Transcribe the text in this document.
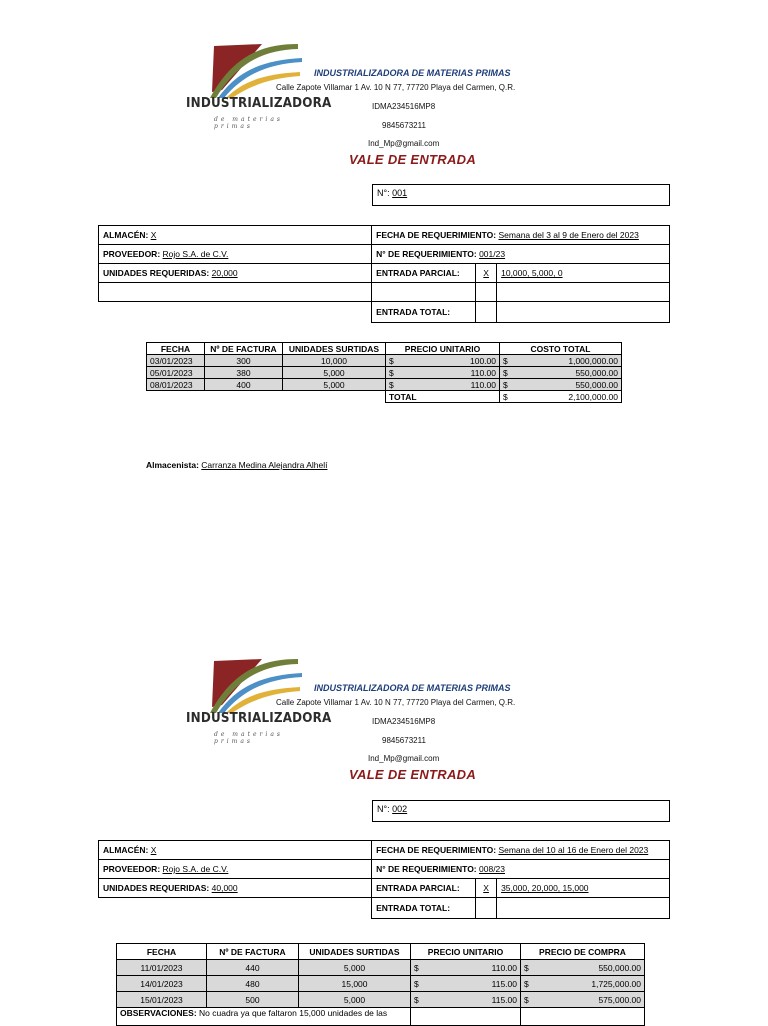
INDUSTRIALIZADORA
de materias primas
INDUSTRIALIZADORA DE MATERIAS PRIMAS
Calle Zapote Villamar 1 Av. 10 N 77, 77720 Playa del Carmen, Q.R.
IDMA234516MP8
9845673211
Ind_Mp@gmail.com
VALE DE ENTRADA
N°: 001
ALMACÉN: X	FECHA DE REQUERIMIENTO: Semana del 3 al 9 de Enero del 2023		
PROVEEDOR: Rojo S.A. de C.V.	N° DE REQUERIMIENTO: 001/23		
UNIDADES REQUERIDAS: 20,000	ENTRADA PARCIAL:	X	10,000, 5,000, 0

	ENTRADA TOTAL:		
FECHA	Nº DE FACTURA	UNIDADES SURTIDAS	PRECIO UNITARIO	COSTO TOTAL
03/01/2023	300	10,000	$ 100.00	$ 1,000,000.00

05/01/2023	380	5,000	$ 110.00	$ 550,000.00

08/01/2023	400	5,000	$ 110.00	$ 550,000.00

			TOTAL	$ 2,100,000.00
Almacenista: Carranza Medina Alejandra Alhelí
INDUSTRIALIZADORA
de materias primas
INDUSTRIALIZADORA DE MATERIAS PRIMAS
Calle Zapote Villamar 1 Av. 10 N 77, 77720 Playa del Carmen, Q.R.
IDMA234516MP8
9845673211
Ind_Mp@gmail.com
VALE DE ENTRADA
N°: 002
ALMACÉN: X	FECHA DE REQUERIMIENTO: Semana del 10 al 16 de Enero del 2023		
PROVEEDOR: Rojo S.A. de C.V.	N° DE REQUERIMIENTO: 008/23		
UNIDADES REQUERIDAS: 40,000	ENTRADA PARCIAL:	X	35,000, 20,000, 15,000
	ENTRADA TOTAL:		
FECHA	Nº DE FACTURA	UNIDADES SURTIDAS	PRECIO UNITARIO	PRECIO DE COMPRA
11/01/2023	440	5,000	$ 110.00	$ 550,000.00

14/01/2023	480	15,000	$ 115.00	$ 1,725,000.00

15/01/2023	500	5,000	$ 115.00	$ 575,000.00

OBSERVACIONES: No cuadra ya que faltaron 15,000 unidades de las				
